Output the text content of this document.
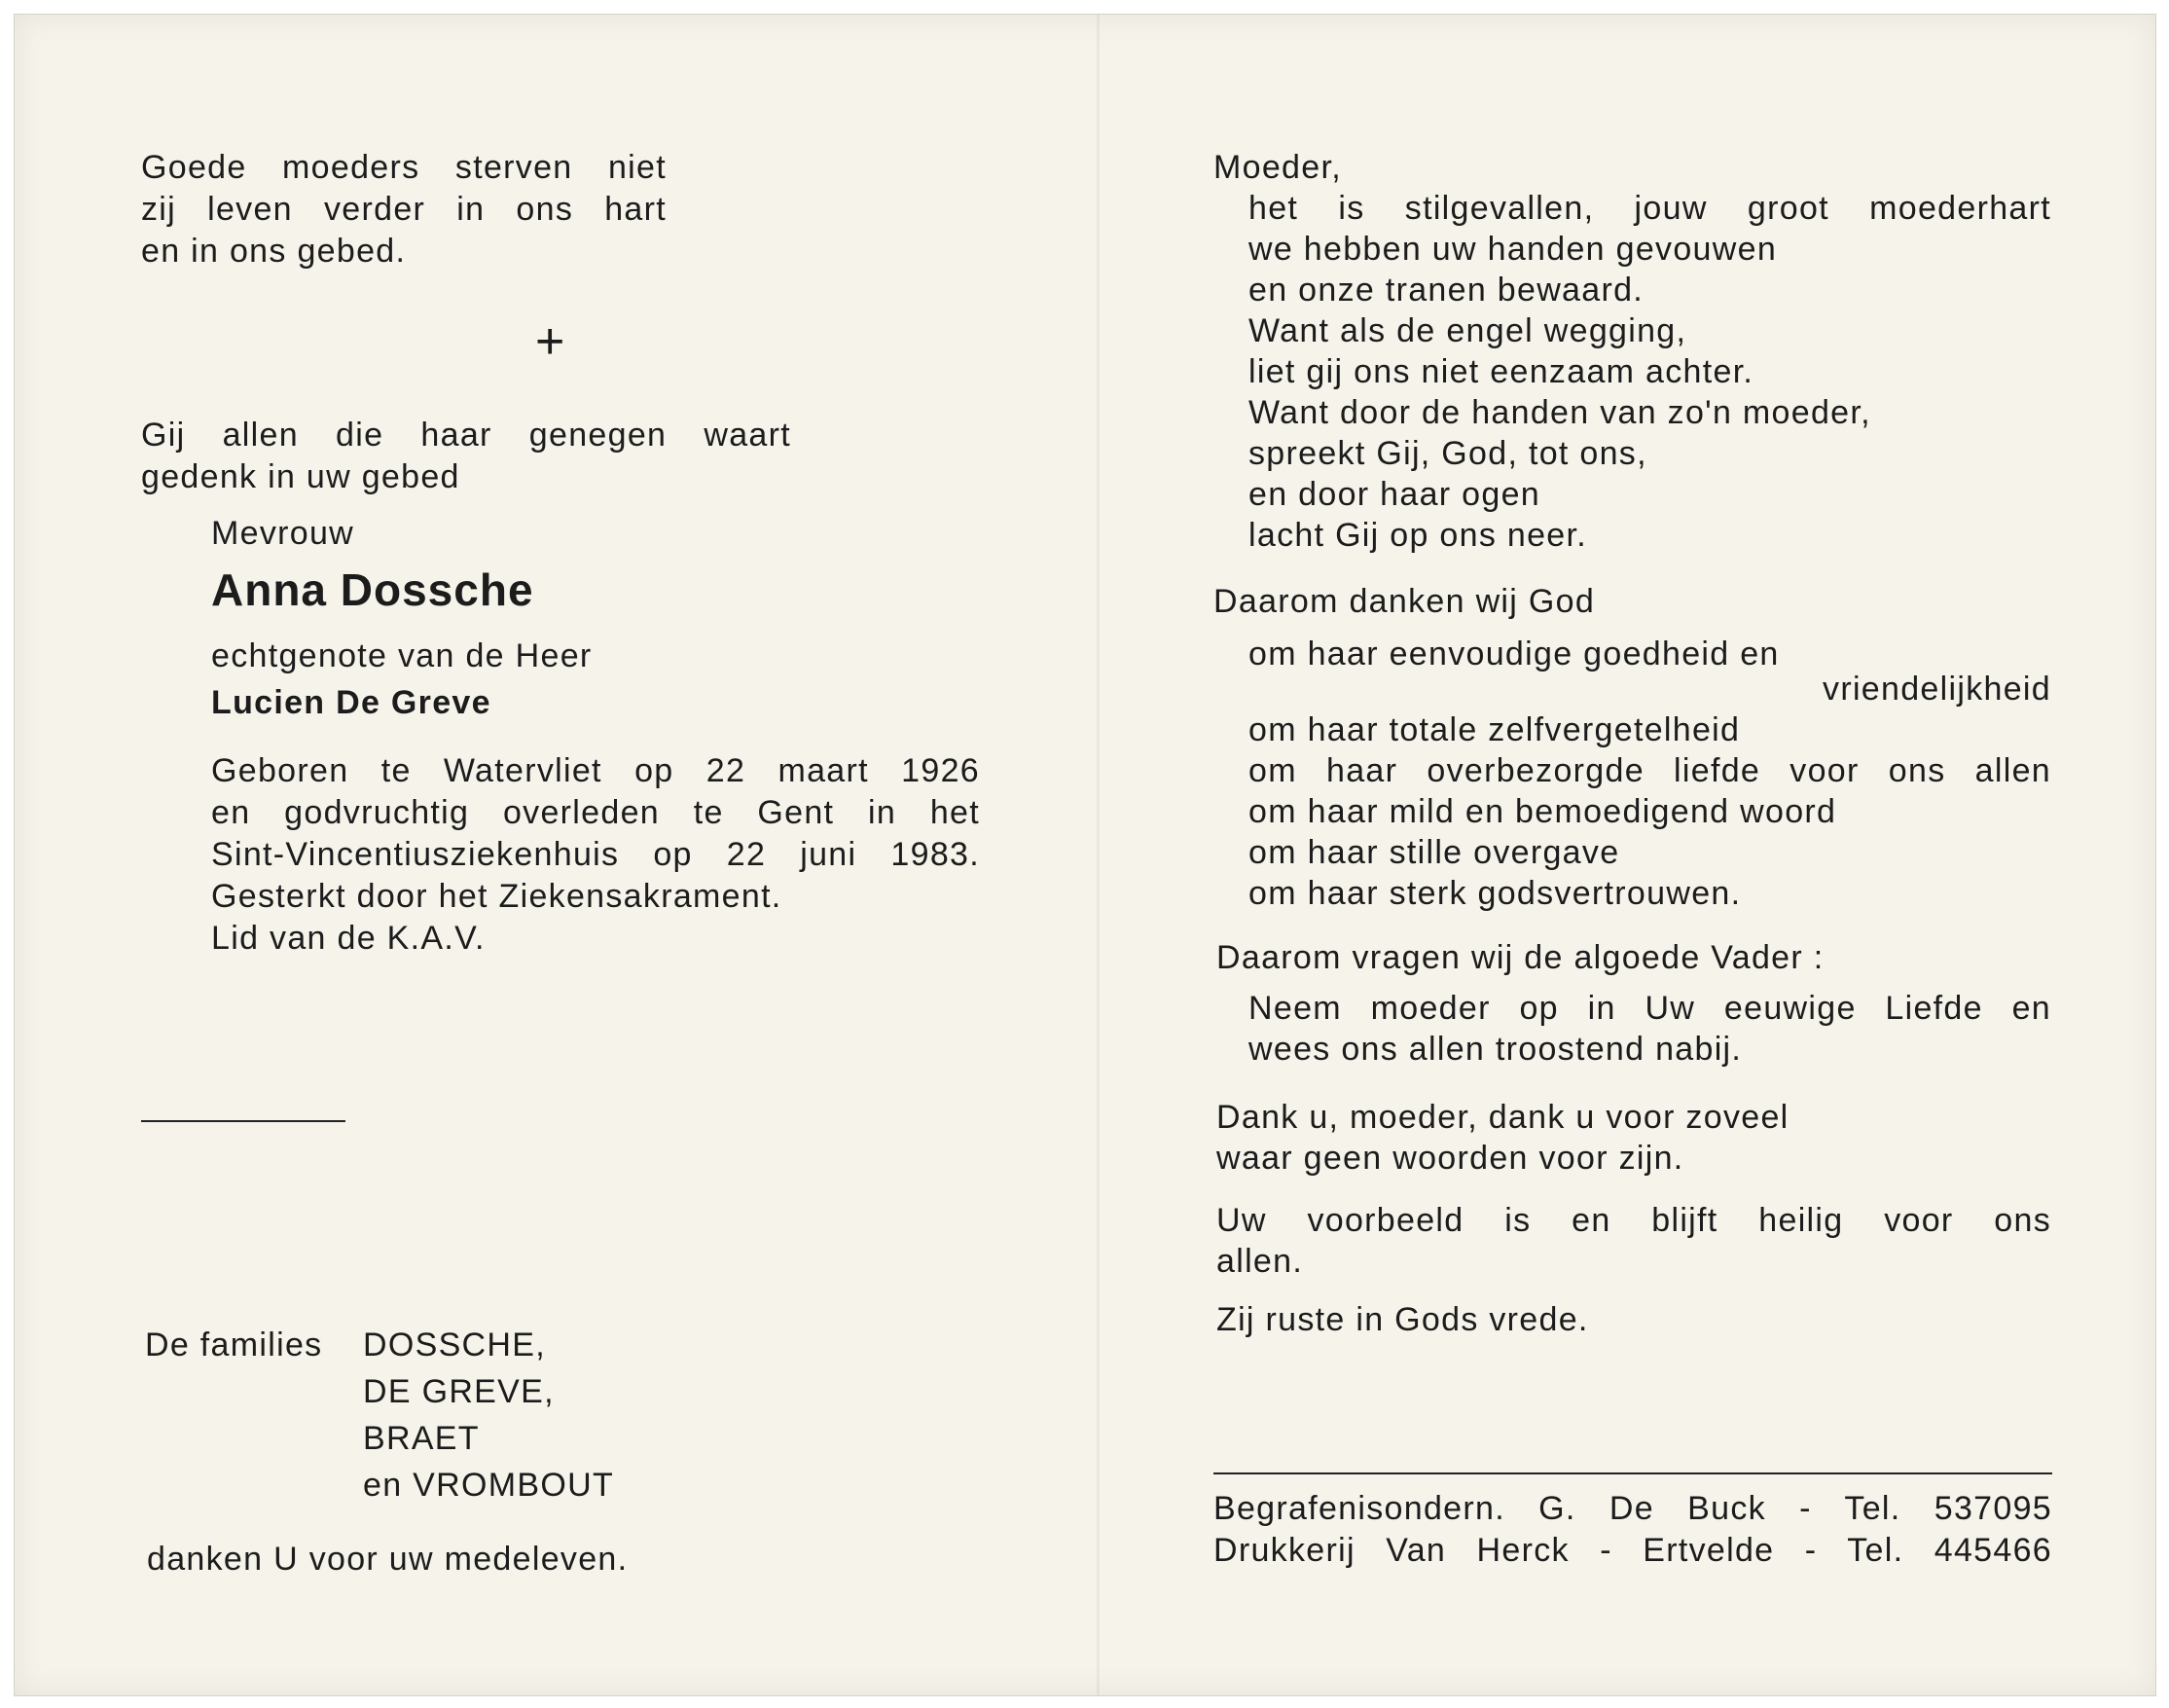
Goede moeders sterven niet
zij leven verder in ons hart
en in ons gebed.
+
Gij allen die haar genegen waart
gedenk in uw gebed
Mevrouw
Anna Dossche
echtgenote van de Heer
Lucien De Greve
Geboren te Watervliet op 22 maart 1926
en godvruchtig overleden te Gent in het
Sint-Vincentiusziekenhuis op 22 juni 1983.
Gesterkt door het Ziekensakrament.
Lid van de K.A.V.
De families DOSSCHE,
DE GREVE,
BRAET
en VROMBOUT
danken U voor uw medeleven.
Moeder,
het is stilgevallen, jouw groot moederhart
we hebben uw handen gevouwen
en onze tranen bewaard.
Want als de engel wegging,
liet gij ons niet eenzaam achter.
Want door de handen van zo'n moeder,
spreekt Gij, God, tot ons,
en door haar ogen
lacht Gij op ons neer.
Daarom danken wij God
om haar eenvoudige goedheid en
vriendelijkheid
om haar totale zelfvergetelheid
om haar overbezorgde liefde voor ons allen
om haar mild en bemoedigend woord
om haar stille overgave
om haar sterk godsvertrouwen.
Daarom vragen wij de algoede Vader :
Neem moeder op in Uw eeuwige Liefde en
wees ons allen troostend nabij.
Dank u, moeder, dank u voor zoveel
waar geen woorden voor zijn.
Uw voorbeeld is en blijft heilig voor ons
allen.
Zij ruste in Gods vrede.
Begrafenisondern. G. De Buck - Tel. 537095
Drukkerij Van Herck - Ertvelde - Tel. 445466
